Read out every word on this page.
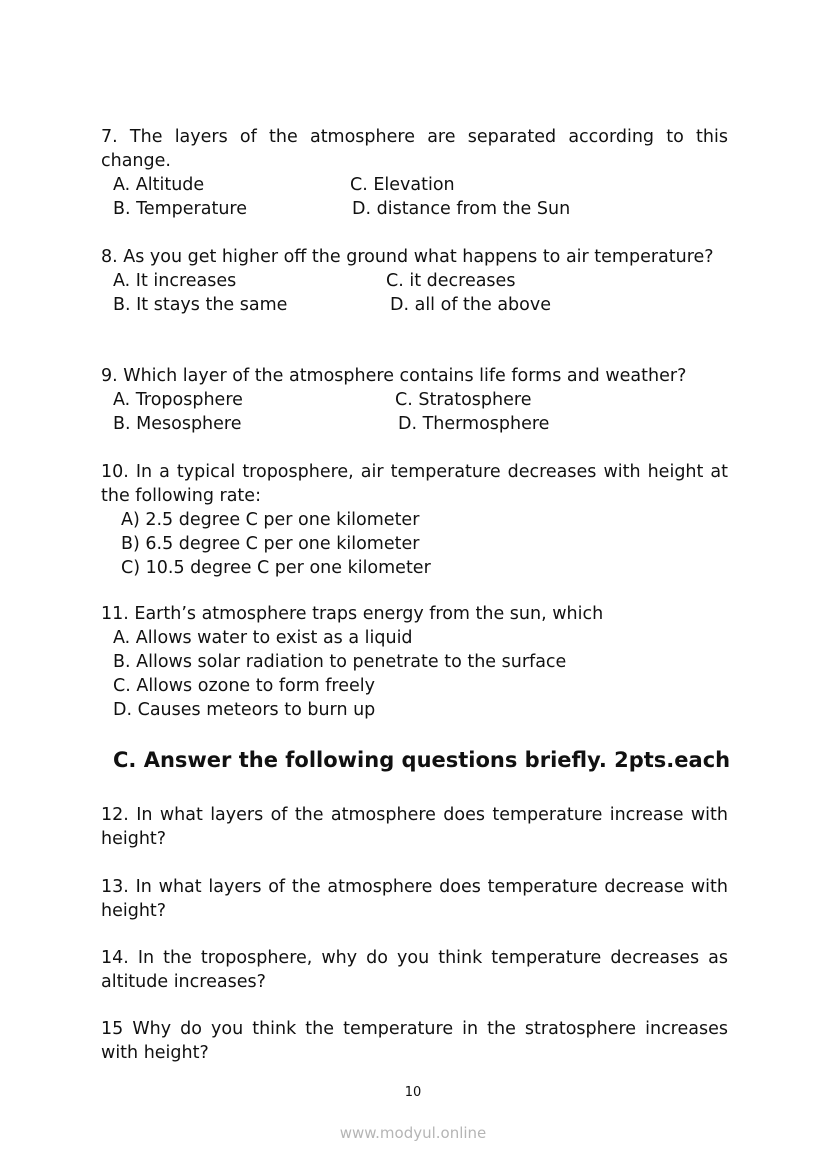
7. The layers of the atmosphere are separated according to this change.
A. Altitude	C. Elevation
B. Temperature	D. distance from the Sun
8. As you get higher off the ground what happens to air temperature?
A. It increases	C. it decreases
B. It stays the same	D. all of the above
9. Which layer of the atmosphere contains life forms and weather?
A. Troposphere	C. Stratosphere
B. Mesosphere	D. Thermosphere
10. In a typical troposphere, air temperature decreases with height at the following rate:
A) 2.5 degree C per one kilometer
B) 6.5 degree C per one kilometer
C) 10.5 degree C per one kilometer
11. Earth’s atmosphere traps energy from the sun, which
A. Allows water to exist as a liquid
B. Allows solar radiation to penetrate to the surface
C. Allows ozone to form freely
D. Causes meteors to burn up
C. Answer the following questions briefly. 2pts.each
12. In what layers of the atmosphere does temperature increase with height?
13. In what layers of the atmosphere does temperature decrease with height?
14. In the troposphere, why do you think temperature decreases as altitude increases?
15 Why do you think the temperature in the stratosphere increases with height?
10
www.modyul.online
